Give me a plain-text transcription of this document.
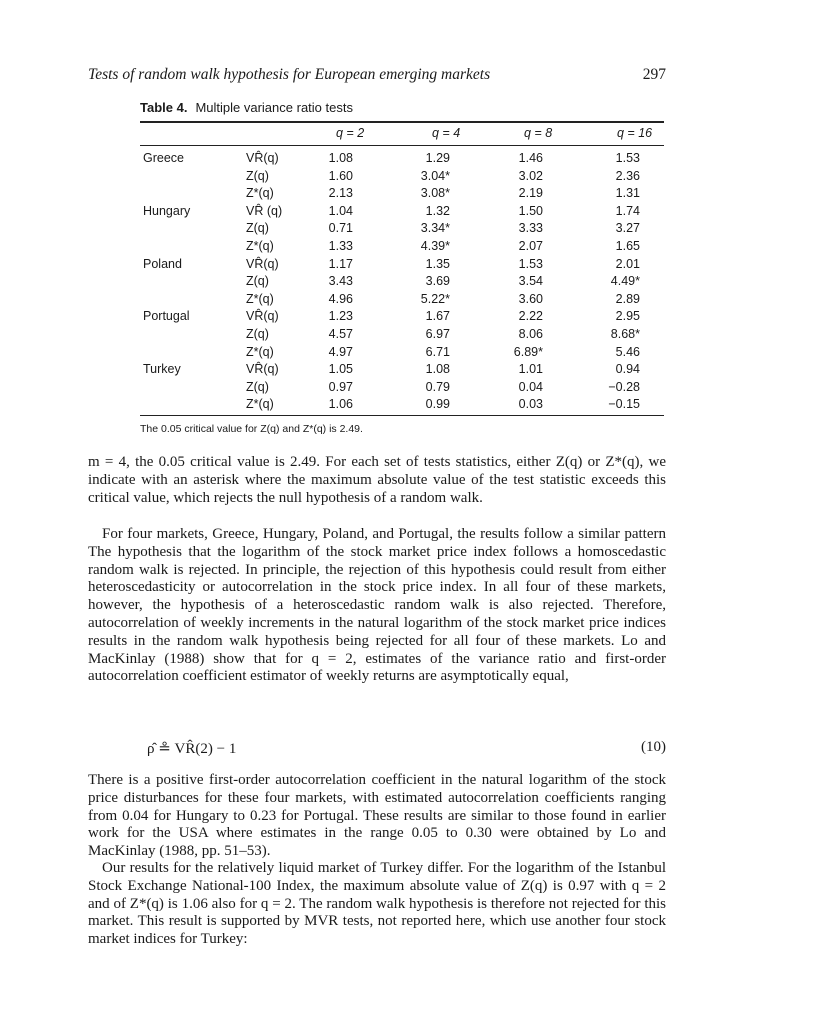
Tests of random walk hypothesis for European emerging markets	297
Table 4. Multiple variance ratio tests
q = 2	q = 4	q = 8	q = 16
Greece	VR̂(q)	1.08	1.29	1.46	1.53
Z(q)	1.60	3.04*	3.02	2.36
Z*(q)	2.13	3.08*	2.19	1.31
Hungary	VR̂ (q)	1.04	1.32	1.50	1.74
Z(q)	0.71	3.34*	3.33	3.27
Z*(q)	1.33	4.39*	2.07	1.65
Poland	VR̂(q)	1.17	1.35	1.53	2.01
Z(q)	3.43	3.69	3.54	4.49*
Z*(q)	4.96	5.22*	3.60	2.89
Portugal	VR̂(q)	1.23	1.67	2.22	2.95
Z(q)	4.57	6.97	8.06	8.68*
Z*(q)	4.97	6.71	6.89*	5.46
Turkey	VR̂(q)	1.05	1.08	1.01	0.94
Z(q)	0.97	0.79	0.04	−0.28
Z*(q)	1.06	0.99	0.03	−0.15
The 0.05 critical value for Z(q) and Z*(q) is 2.49.

m = 4, the 0.05 critical value is 2.49. For each set of tests statistics, either Z(q) or Z*(q), we indicate with an asterisk where the maximum absolute value of the test statistic exceeds this critical value, which rejects the null hypothesis of a random walk.

For four markets, Greece, Hungary, Poland, and Portugal, the results follow a similar pattern The hypothesis that the logarithm of the stock market price index follows a homoscedastic random walk is rejected. In principle, the rejection of this hypothesis could result from either heteroscedasticity or autocorrelation in the stock price index. In all four of these markets, however, the hypothesis of a heteroscedastic random walk is also rejected. Therefore, autocorrelation of weekly increments in the natural logarithm of the stock market price indices results in the random walk hypothesis being rejected for all four of these markets. Lo and MacKinlay (1988) show that for q = 2, estimates of the variance ratio and first-order autocorrelation coefficient estimator of weekly returns are asymptotically equal,

ρ̂ ≗ VR̂(2) − 1	(10)

There is a positive first-order autocorrelation coefficient in the natural logarithm of the stock price disturbances for these four markets, with estimated autocorrelation coefficients ranging from 0.04 for Hungary to 0.23 for Portugal. These results are similar to those found in earlier work for the USA where estimates in the range 0.05 to 0.30 were obtained by Lo and MacKinlay (1988, pp. 51–53).

Our results for the relatively liquid market of Turkey differ. For the logarithm of the Istanbul Stock Exchange National-100 Index, the maximum absolute value of Z(q) is 0.97 with q = 2 and of Z*(q) is 1.06 also for q = 2. The random walk hypothesis is therefore not rejected for this market. This result is supported by MVR tests, not reported here, which use another four stock market indices for Turkey:
